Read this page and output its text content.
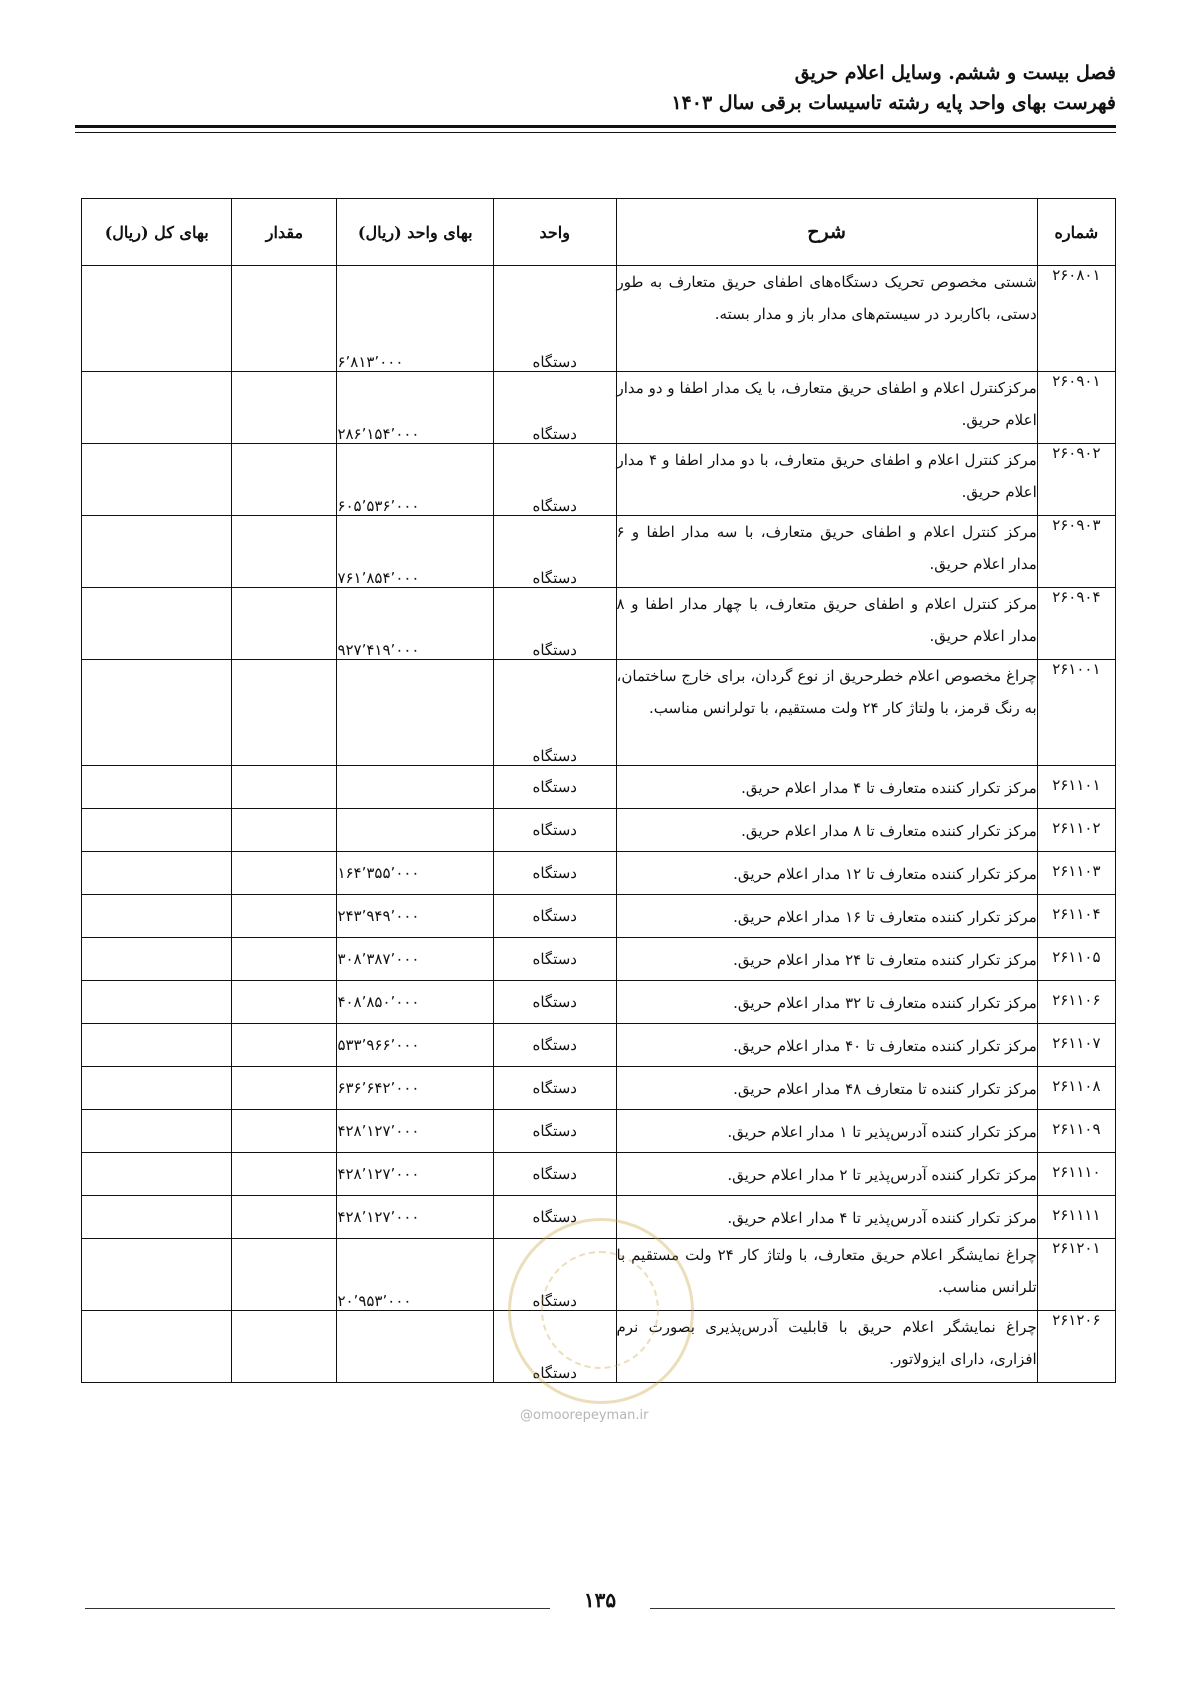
فصل بیست و ششم. وسایل اعلام حریق
فهرست بهای واحد پایه رشته تاسیسات برقی سال ۱۴۰۳
شماره	شرح	واحد	بهای واحد (ریال)	مقدار	بهای کل (ریال)
۲۶۰۸۰۱	شستی مخصوص تحریک دستگاه‌های اطفای حریق متعارف به طور دستی، باکاربرد در سیستم‌های مدار باز و مدار بسته.	دستگاه	۶٬۸۱۳٬۰۰۰		
۲۶۰۹۰۱	مرکزکنترل اعلام و اطفای حریق متعارف، با یک مدار اطفا و دو مدار اعلام حریق.	دستگاه	۲۸۶٬۱۵۴٬۰۰۰		
۲۶۰۹۰۲	مرکز کنترل اعلام و اطفای حریق متعارف، با دو مدار اطفا و ۴ مدار اعلام حریق.	دستگاه	۶۰۵٬۵۳۶٬۰۰۰		
۲۶۰۹۰۳	مرکز کنترل اعلام و اطفای حریق متعارف، با سه مدار اطفا و ۶ مدار اعلام حریق.	دستگاه	۷۶۱٬۸۵۴٬۰۰۰		
۲۶۰۹۰۴	مرکز کنترل اعلام و اطفای حریق متعارف، با چهار مدار اطفا و ۸ مدار اعلام حریق.	دستگاه	۹۲۷٬۴۱۹٬۰۰۰		
۲۶۱۰۰۱	چراغ مخصوص اعلام خطرحریق از نوع گردان، برای خارج ساختمان، به رنگ قرمز، با ولتاژ کار ۲۴ ولت مستقیم، با تولرانس مناسب.	دستگاه			
۲۶۱۱۰۱	مرکز تکرار کننده متعارف تا ۴ مدار اعلام حریق.	دستگاه			
۲۶۱۱۰۲	مرکز تکرار کننده متعارف تا ۸ مدار اعلام حریق.	دستگاه			
۲۶۱۱۰۳	مرکز تکرار کننده متعارف تا ۱۲ مدار اعلام حریق.	دستگاه	۱۶۴٬۳۵۵٬۰۰۰		
۲۶۱۱۰۴	مرکز تکرار کننده متعارف تا ۱۶ مدار اعلام حریق.	دستگاه	۲۴۳٬۹۴۹٬۰۰۰		
۲۶۱۱۰۵	مرکز تکرار کننده متعارف تا ۲۴ مدار اعلام حریق.	دستگاه	۳۰۸٬۳۸۷٬۰۰۰		
۲۶۱۱۰۶	مرکز تکرار کننده متعارف تا ۳۲ مدار اعلام حریق.	دستگاه	۴۰۸٬۸۵۰٬۰۰۰		
۲۶۱۱۰۷	مرکز تکرار کننده متعارف تا ۴۰ مدار اعلام حریق.	دستگاه	۵۳۳٬۹۶۶٬۰۰۰		
۲۶۱۱۰۸	مرکز تکرار کننده تا متعارف ۴۸ مدار اعلام حریق.	دستگاه	۶۳۶٬۶۴۲٬۰۰۰		
۲۶۱۱۰۹	مرکز تکرار کننده آدرس‌پذیر تا ۱ مدار اعلام حریق.	دستگاه	۴۲۸٬۱۲۷٬۰۰۰		
۲۶۱۱۱۰	مرکز تکرار کننده آدرس‌پذیر تا ۲ مدار اعلام حریق.	دستگاه	۴۲۸٬۱۲۷٬۰۰۰		
۲۶۱۱۱۱	مرکز تکرار کننده آدرس‌پذیر تا ۴ مدار اعلام حریق.	دستگاه	۴۲۸٬۱۲۷٬۰۰۰		
۲۶۱۲۰۱	چراغ نمایشگر اعلام حریق متعارف، با ولتاژ کار ۲۴ ولت مستقیم با تلرانس مناسب.	دستگاه	۲۰٬۹۵۳٬۰۰۰		
۲۶۱۲۰۶	چراغ نمایشگر اعلام حریق با قابلیت آدرس‌پذیری بصورت نرم افزاری، دارای ایزولاتور.	دستگاه			
@omoorepeyman.ir
۱۳۵
